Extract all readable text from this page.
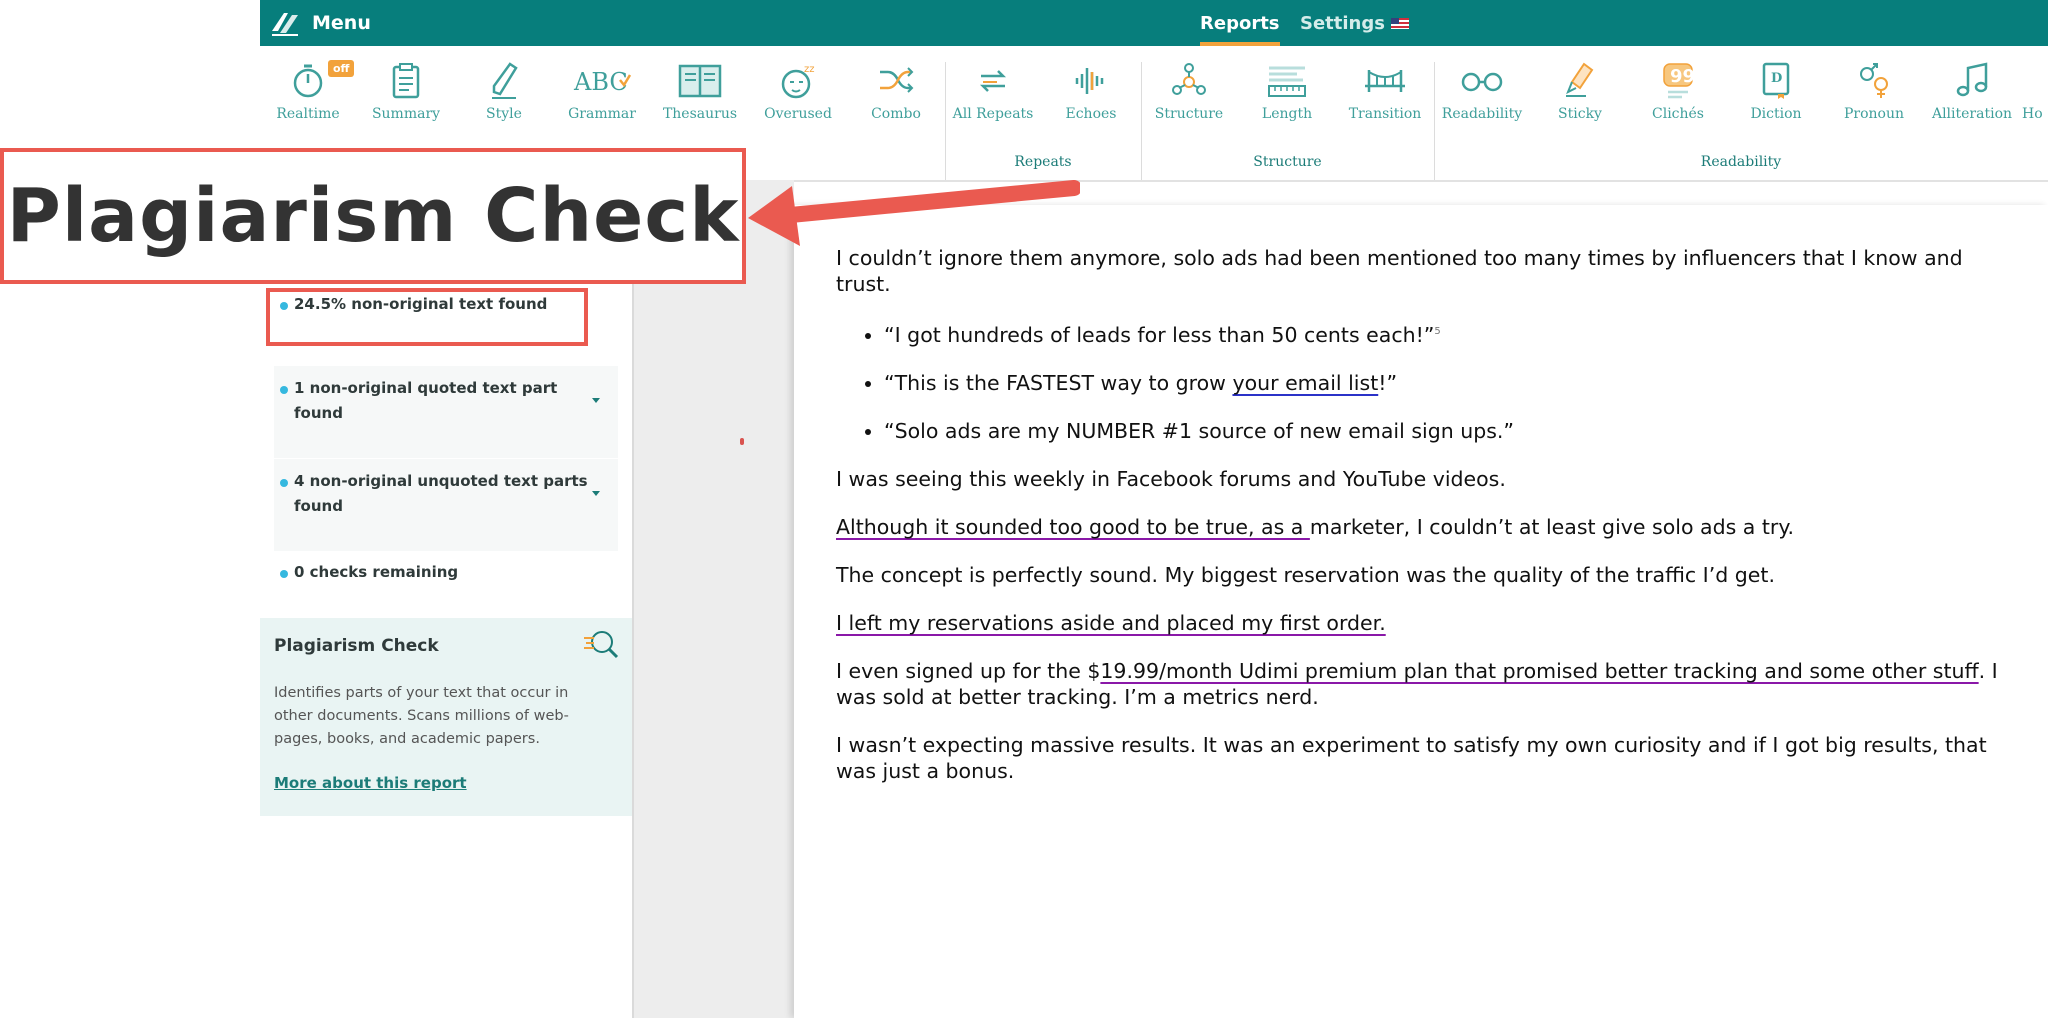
Menu	Reports Settings
off
Realtime	Summary	Style
ABC
Grammar	Thesaurus
zz
Overused	Combo	All Repeats	Echoes	Structure	Length	Transition	Readability	Sticky
99
Clichés
D
Diction	Pronoun	Alliteration Ho
Repeats	Structure	Readability
24.5% non-original text found
1 non-original quoted text part found
4 non-original unquoted text parts found
0 checks remaining
Plagiarism Check
Identifies parts of your text that occur in other documents. Scans millions of web-pages, books, and academic papers.
More about this report

I couldn’t ignore them anymore, solo ads had been mentioned too many times by influencers that I know and trust.

• “I got hundreds of leads for less than 50 cents each!”$^5$
• “This is the FASTEST way to grow your email list!”
• “Solo ads are my NUMBER #1 source of new email sign ups.”

I was seeing this weekly in Facebook forums and YouTube videos.

Although it sounded too good to be true, as a marketer, I couldn’t at least give solo ads a try.

The concept is perfectly sound. My biggest reservation was the quality of the traffic I’d get.

I left my reservations aside and placed my first order.

I even signed up for the $19.99/month Udimi premium plan that promised better tracking and some other stuff. I was sold at better tracking. I’m a metrics nerd.

I wasn’t expecting massive results. It was an experiment to satisfy my own curiosity and if I got big results, that was just a bonus.

Plagiarism Check
